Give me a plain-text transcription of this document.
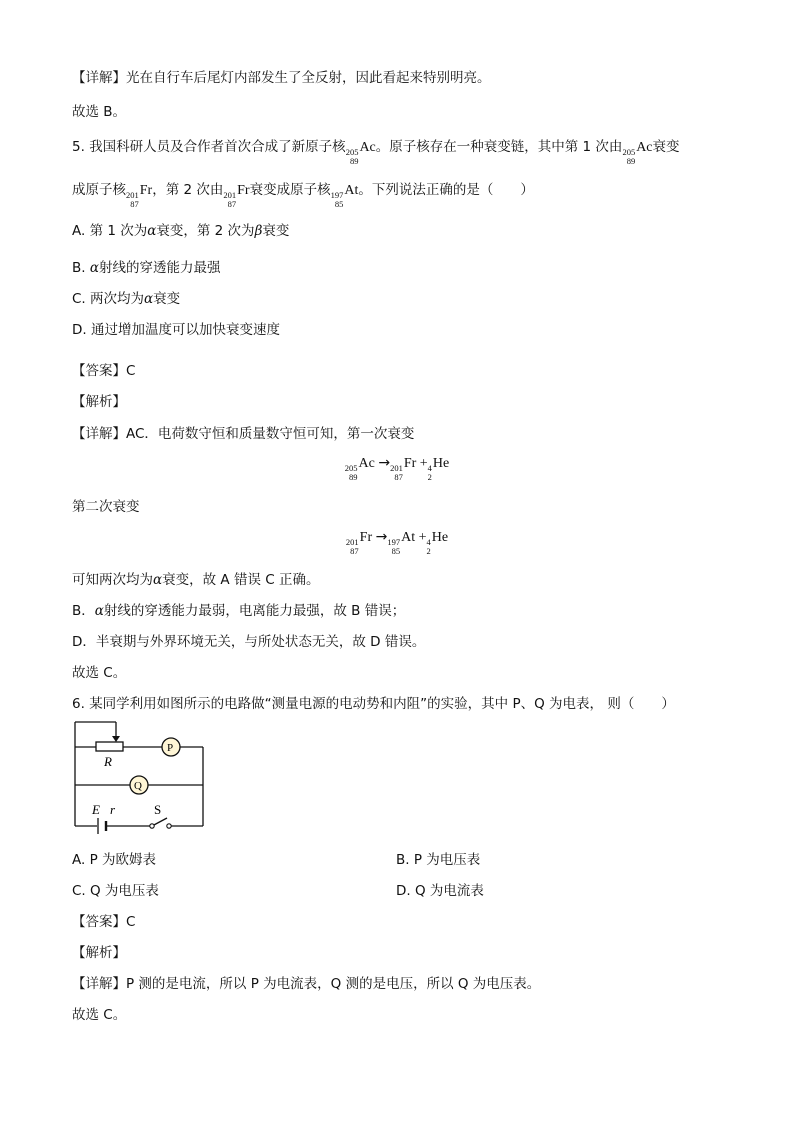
【详解】光在自行车后尾灯内部发生了全反射，因此看起来特别明亮。
故选 B。
5. 我国科研人员及合作者首次合成了新原子核 205
89
Ac。原子核存在一种衰变链，其中第 1 次由 205
89
Ac衰变
成原子核 201
87
Fr，第 2 次由 201
87
Fr衰变成原子核 197
85
At。下列说法正确的是（　　）
A. 第 1 次为α衰变，第 2 次为β衰变
B. α射线的穿透能力最强
C. 两次均为α衰变
D. 通过增加温度可以加快衰变速度
【答案】C
【解析】
【详解】AC．电荷数守恒和质量数守恒可知，第一次衰变
205
89
Ac → 201
87
Fr + 4
2
He
第二次衰变
201
87
Fr → 197
85
At + 4
2
He
可知两次均为α衰变，故 A 错误 C 正确。
B．α射线的穿透能力最弱，电离能力最强，故 B 错误；
D．半衰期与外界环境无关，与所处状态无关，故 D 错误。
故选 C。
6. 某同学利用如图所示的电路做“测量电源的电动势和内阻”的实验，其中 P、Q 为电表， 则（　　）
R
P
Q
E r	S
A. P 为欧姆表	B. P 为电压表
C. Q 为电压表	D. Q 为电流表
【答案】C
【解析】
【详解】P 测的是电流，所以 P 为电流表，Q 测的是电压，所以 Q 为电压表。
故选 C。
